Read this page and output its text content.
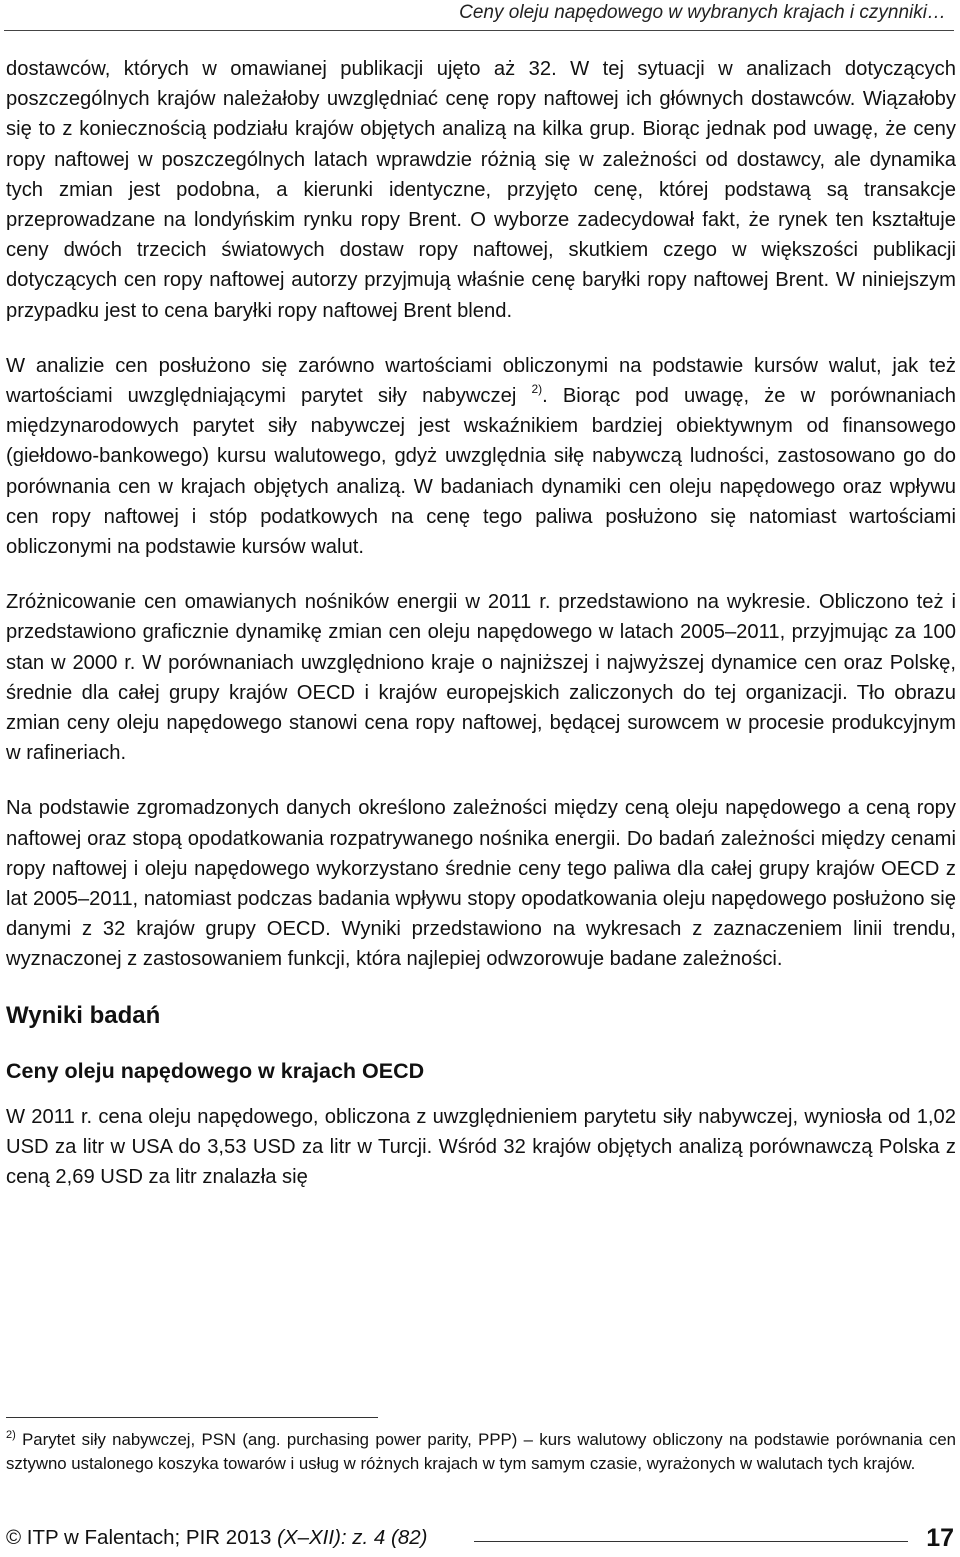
Ceny oleju napędowego w wybranych krajach i czynniki…

dostawców, których w omawianej publikacji ujęto aż 32. W tej sytuacji w analizach dotyczących poszczególnych krajów należałoby uwzględniać cenę ropy naftowej ich głównych dostawców. Wiązałoby się to z koniecznością podziału krajów objętych analizą na kilka grup. Biorąc jednak pod uwagę, że ceny ropy naftowej w poszczególnych latach wprawdzie różnią się w zależności od dostawcy, ale dynamika tych zmian jest podobna, a kierunki identyczne, przyjęto cenę, której podstawą są transakcje przeprowadzane na londyńskim rynku ropy Brent. O wyborze zadecydował fakt, że rynek ten kształtuje ceny dwóch trzecich światowych dostaw ropy naftowej, skutkiem czego w większości publikacji dotyczących cen ropy naftowej autorzy przyjmują właśnie cenę baryłki ropy naftowej Brent. W niniejszym przypadku jest to cena baryłki ropy naftowej Brent blend.

W analizie cen posłużono się zarówno wartościami obliczonymi na podstawie kursów walut, jak też wartościami uwzględniającymi parytet siły nabywczej $^{2)}$. Biorąc pod uwagę, że w porównaniach międzynarodowych parytet siły nabywczej jest wskaźnikiem bardziej obiektywnym od finansowego (giełdowo-bankowego) kursu walutowego, gdyż uwzględnia siłę nabywczą ludności, zastosowano go do porównania cen w krajach objętych analizą. W badaniach dynamiki cen oleju napędowego oraz wpływu cen ropy naftowej i stóp podatkowych na cenę tego paliwa posłużono się natomiast wartościami obliczonymi na podstawie kursów walut.

Zróżnicowanie cen omawianych nośników energii w 2011 r. przedstawiono na wykresie. Obliczono też i przedstawiono graficznie dynamikę zmian cen oleju napędowego w latach 2005–2011, przyjmując za 100 stan w 2000 r. W porównaniach uwzględniono kraje o najniższej i najwyższej dynamice cen oraz Polskę, średnie dla całej grupy krajów OECD i krajów europejskich zaliczonych do tej organizacji. Tło obrazu zmian ceny oleju napędowego stanowi cena ropy naftowej, będącej surowcem w procesie produkcyjnym w rafineriach.

Na podstawie zgromadzonych danych określono zależności między ceną oleju napędowego a ceną ropy naftowej oraz stopą opodatkowania rozpatrywanego nośnika energii. Do badań zależności między cenami ropy naftowej i oleju napędowego wykorzystano średnie ceny tego paliwa dla całej grupy krajów OECD z lat 2005–2011, natomiast podczas badania wpływu stopy opodatkowania oleju napędowego posłużono się danymi z 32 krajów grupy OECD. Wyniki przedstawiono na wykresach z zaznaczeniem linii trendu, wyznaczonej z zastosowaniem funkcji, która najlepiej odwzorowuje badane zależności.

Wyniki badań
Ceny oleju napędowego w krajach OECD

W 2011 r. cena oleju napędowego, obliczona z uwzględnieniem parytetu siły nabywczej, wyniosła od 1,02 USD za litr w USA do 3,53 USD za litr w Turcji. Wśród 32 krajów objętych analizą porównawczą Polska z ceną 2,69 USD za litr znalazła się

$^{2)}$ Parytet siły nabywczej, PSN (ang. purchasing power parity, PPP) – kurs walutowy obliczony na podstawie porównania cen sztywno ustalonego koszyka towarów i usług w różnych krajach w tym samym czasie, wyrażonych w walutach tych krajów.
© ITP w Falentach; PIR 2013 (X–XII): z. 4 (82)	17
